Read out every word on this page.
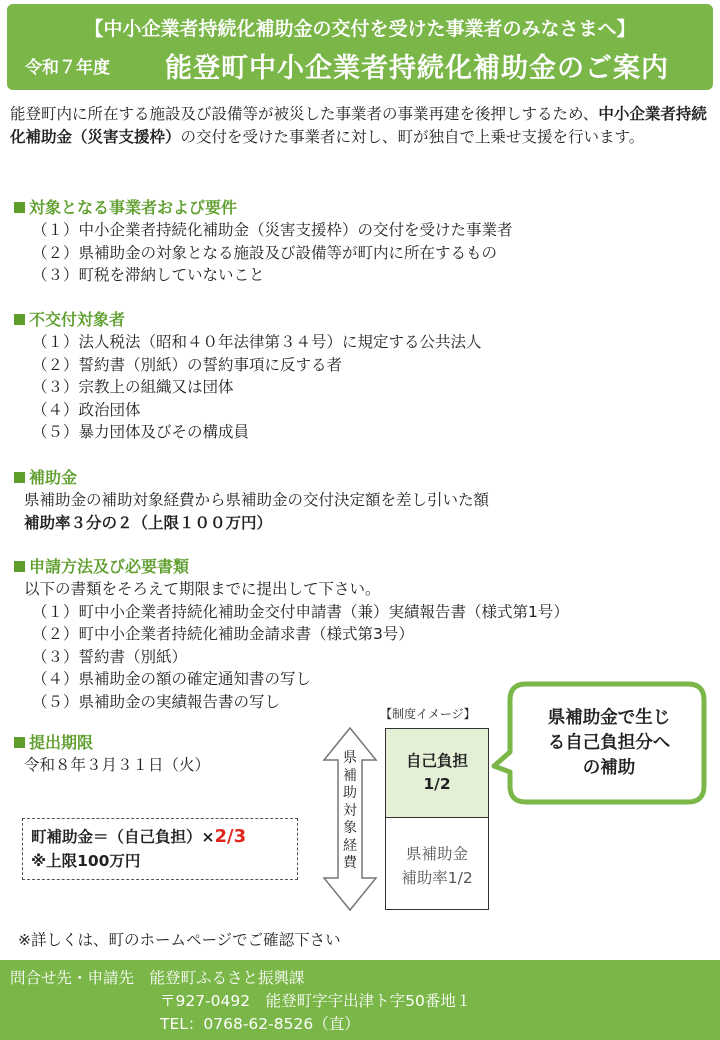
【中小企業者持続化補助金の交付を受けた事業者のみなさまへ】
令和７年度 能登町中小企業者持続化補助金のご案内
能登町内に所在する施設及び設備等が被災した事業者の事業再建を後押しするため、中小企業者持続化補助金（災害支援枠）の交付を受けた事業者に対し、町が独自で上乗せ支援を行います。
対象となる事業者および要件
（１）中小企業者持続化補助金（災害支援枠）の交付を受けた事業者
（２）県補助金の対象となる施設及び設備等が町内に所在するもの
（３）町税を滞納していないこと
不交付対象者
（１）法人税法（昭和４０年法律第３４号）に規定する公共法人
（２）誓約書（別紙）の誓約事項に反する者
（３）宗教上の組織又は団体
（４）政治団体
（５）暴力団体及びその構成員
補助金
県補助金の補助対象経費から県補助金の交付決定額を差し引いた額
補助率３分の２（上限１００万円）
申請方法及び必要書類
以下の書類をそろえて期限までに提出して下さい。
（１）町中小企業者持続化補助金交付申請書（兼）実績報告書（様式第1号）
（２）町中小企業者持続化補助金請求書（様式第3号）
（３）誓約書（別紙）
（４）県補助金の額の確定通知書の写し
（５）県補助金の実績報告書の写し
提出期限
令和８年３月３１日（火）
町補助金＝（自己負担）×2/3
※上限100万円
【制度イメージ】
県
補
助
対
象
経
費
自己負担
1/2
県補助金
補助率1/2
県補助金で生じ
る自己負担分へ
の補助
※詳しくは、町のホームページでご確認下さい
問合せ先・申請先　能登町ふるさと振興課
〒927-0492　能登町字宇出津ト字50番地１
TEL：0768-62-8526（直）
